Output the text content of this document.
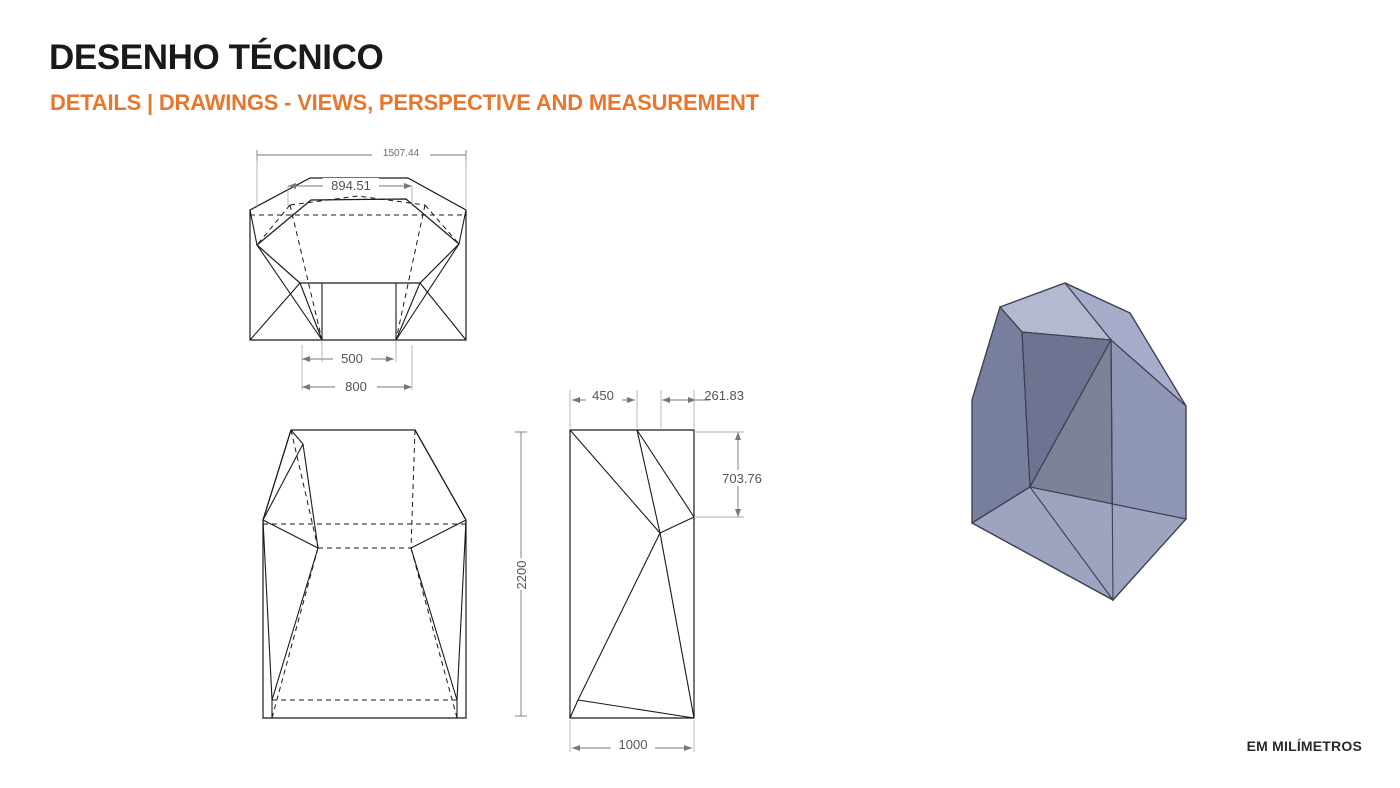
DESENHO TÉCNICO
DETAILS | DRAWINGS - VIEWS, PERSPECTIVE AND MEASUREMENT
EM MILÍMETROS
1507.44
894.51
500
800
450	261.83
703.76
2200
1000
